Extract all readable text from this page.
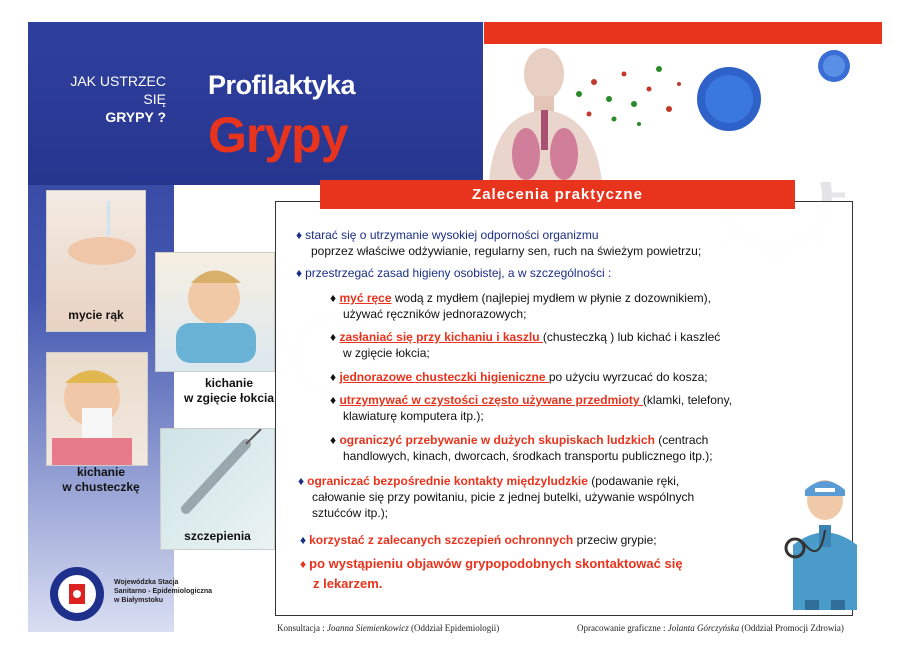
JAK USTRZEC SIĘ
GRYPY ?
Profilaktyka
Grypy
mycie rąk
kichanie
w zgięcie łokcia
kichanie
w chusteczkę
szczepienia
Wojewódzka Stacja
Sanitarno - Epidemiologiczna
w Białymstoku
Zalecenia praktyczne
♦ starać się o utrzymanie wysokiej odporności organizmu
poprzez właściwe odżywianie, regularny sen, ruch na świeżym powietrzu;
♦ przestrzegać zasad higieny osobistej, a w szczególności :
♦ myć ręce wodą z mydłem (najlepiej mydłem w płynie z dozownikiem),
używać ręczników jednorazowych;
♦ zasłaniać się przy kichaniu i kaszlu (chusteczką ) lub kichać i kaszleć
w zgięcie łokcia;
♦ jednorazowe chusteczki higieniczne po użyciu wyrzucać do kosza;
♦ utrzymywać w czystości często używane przedmioty (klamki, telefony,
klawiaturę komputera itp.);
♦ ograniczyć przebywanie w dużych skupiskach ludzkich (centrach
handlowych, kinach, dworcach, środkach transportu publicznego itp.);
♦ ograniczać bezpośrednie kontakty międzyludzkie (podawanie ręki,
całowanie się przy powitaniu, picie z jednej butelki, używanie wspólnych
sztućców itp.);
♦ korzystać z zalecanych szczepień ochronnych przeciw grypie;
♦ po wystąpieniu objawów grypopodobnych skontaktować się
z lekarzem.
Konsultacja : Joanna Siemienkowicz (Oddział Epidemiologii)	Opracowanie graficzne : Jolanta Górczyńska (Oddział Promocji Zdrowia)
